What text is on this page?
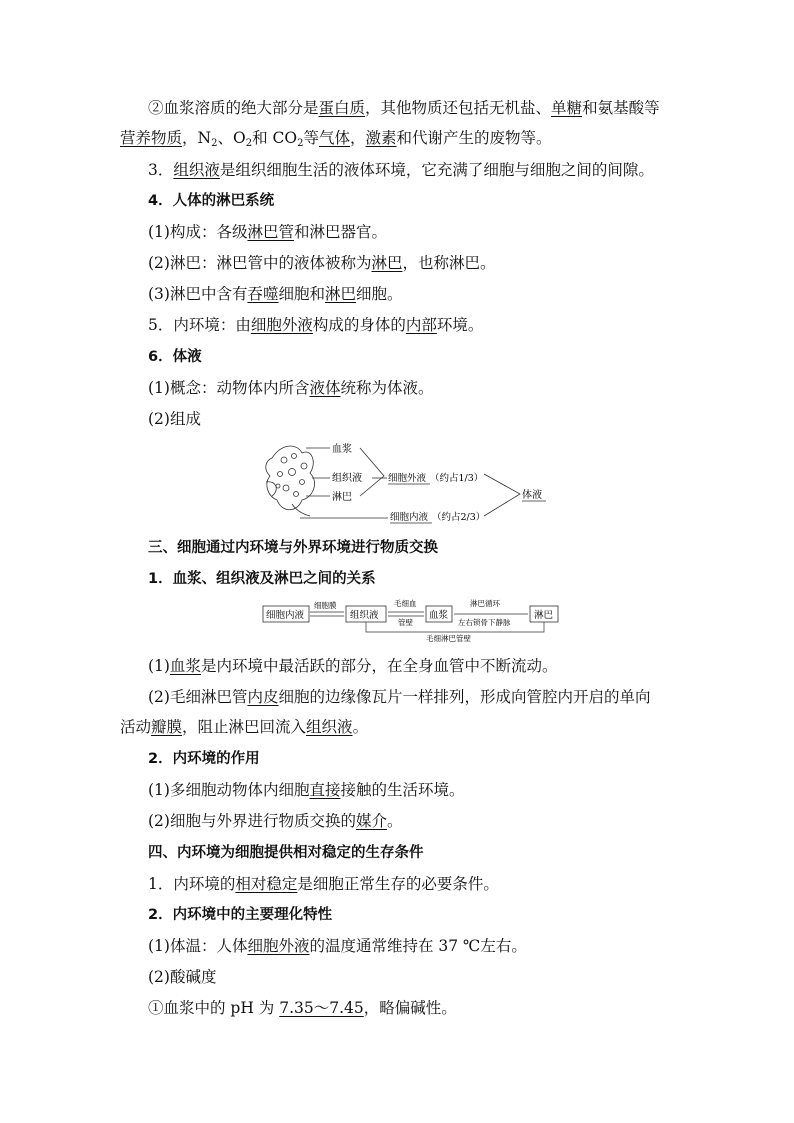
②血浆溶质的绝大部分是蛋白质，其他物质还包括无机盐、单糖和氨基酸等
营养物质，$N_2$、$O_2$和 $CO_2$等气体，激素和代谢产生的废物等。
3．组织液是组织细胞生活的液体环境，它充满了细胞与细胞之间的间隙。
4．人体的淋巴系统
(1)构成：各级淋巴管和淋巴器官。
(2)淋巴：淋巴管中的液体被称为淋巴，也称淋巴。
(3)淋巴中含有吞噬细胞和淋巴细胞。
5．内环境：由细胞外液构成的身体的内部环境。
6．体液
(1)概念：动物体内所含液体统称为体液。
(2)组成
血浆
组织液
淋巴
细胞外液 （约占1/3）
细胞内液 （约占2/3）
体液
三、细胞通过内环境与外界环境进行物质交换
1．血浆、组织液及淋巴之间的关系
细胞内液
细胞膜
组织液
毛细血
管壁
血浆
淋巴循环
左右锁骨下静脉
淋巴
毛细淋巴管壁
(1)血浆是内环境中最活跃的部分，在全身血管中不断流动。
(2)毛细淋巴管内皮细胞的边缘像瓦片一样排列，形成向管腔内开启的单向
活动瓣膜，阻止淋巴回流入组织液。
2．内环境的作用
(1)多细胞动物体内细胞直接接触的生活环境。
(2)细胞与外界进行物质交换的媒介。
四、内环境为细胞提供相对稳定的生存条件
1．内环境的相对稳定是细胞正常生存的必要条件。
2．内环境中的主要理化特性
(1)体温：人体细胞外液的温度通常维持在 37 ℃左右。
(2)酸碱度
①血浆中的 pH 为 7.35～7.45，略偏碱性。
